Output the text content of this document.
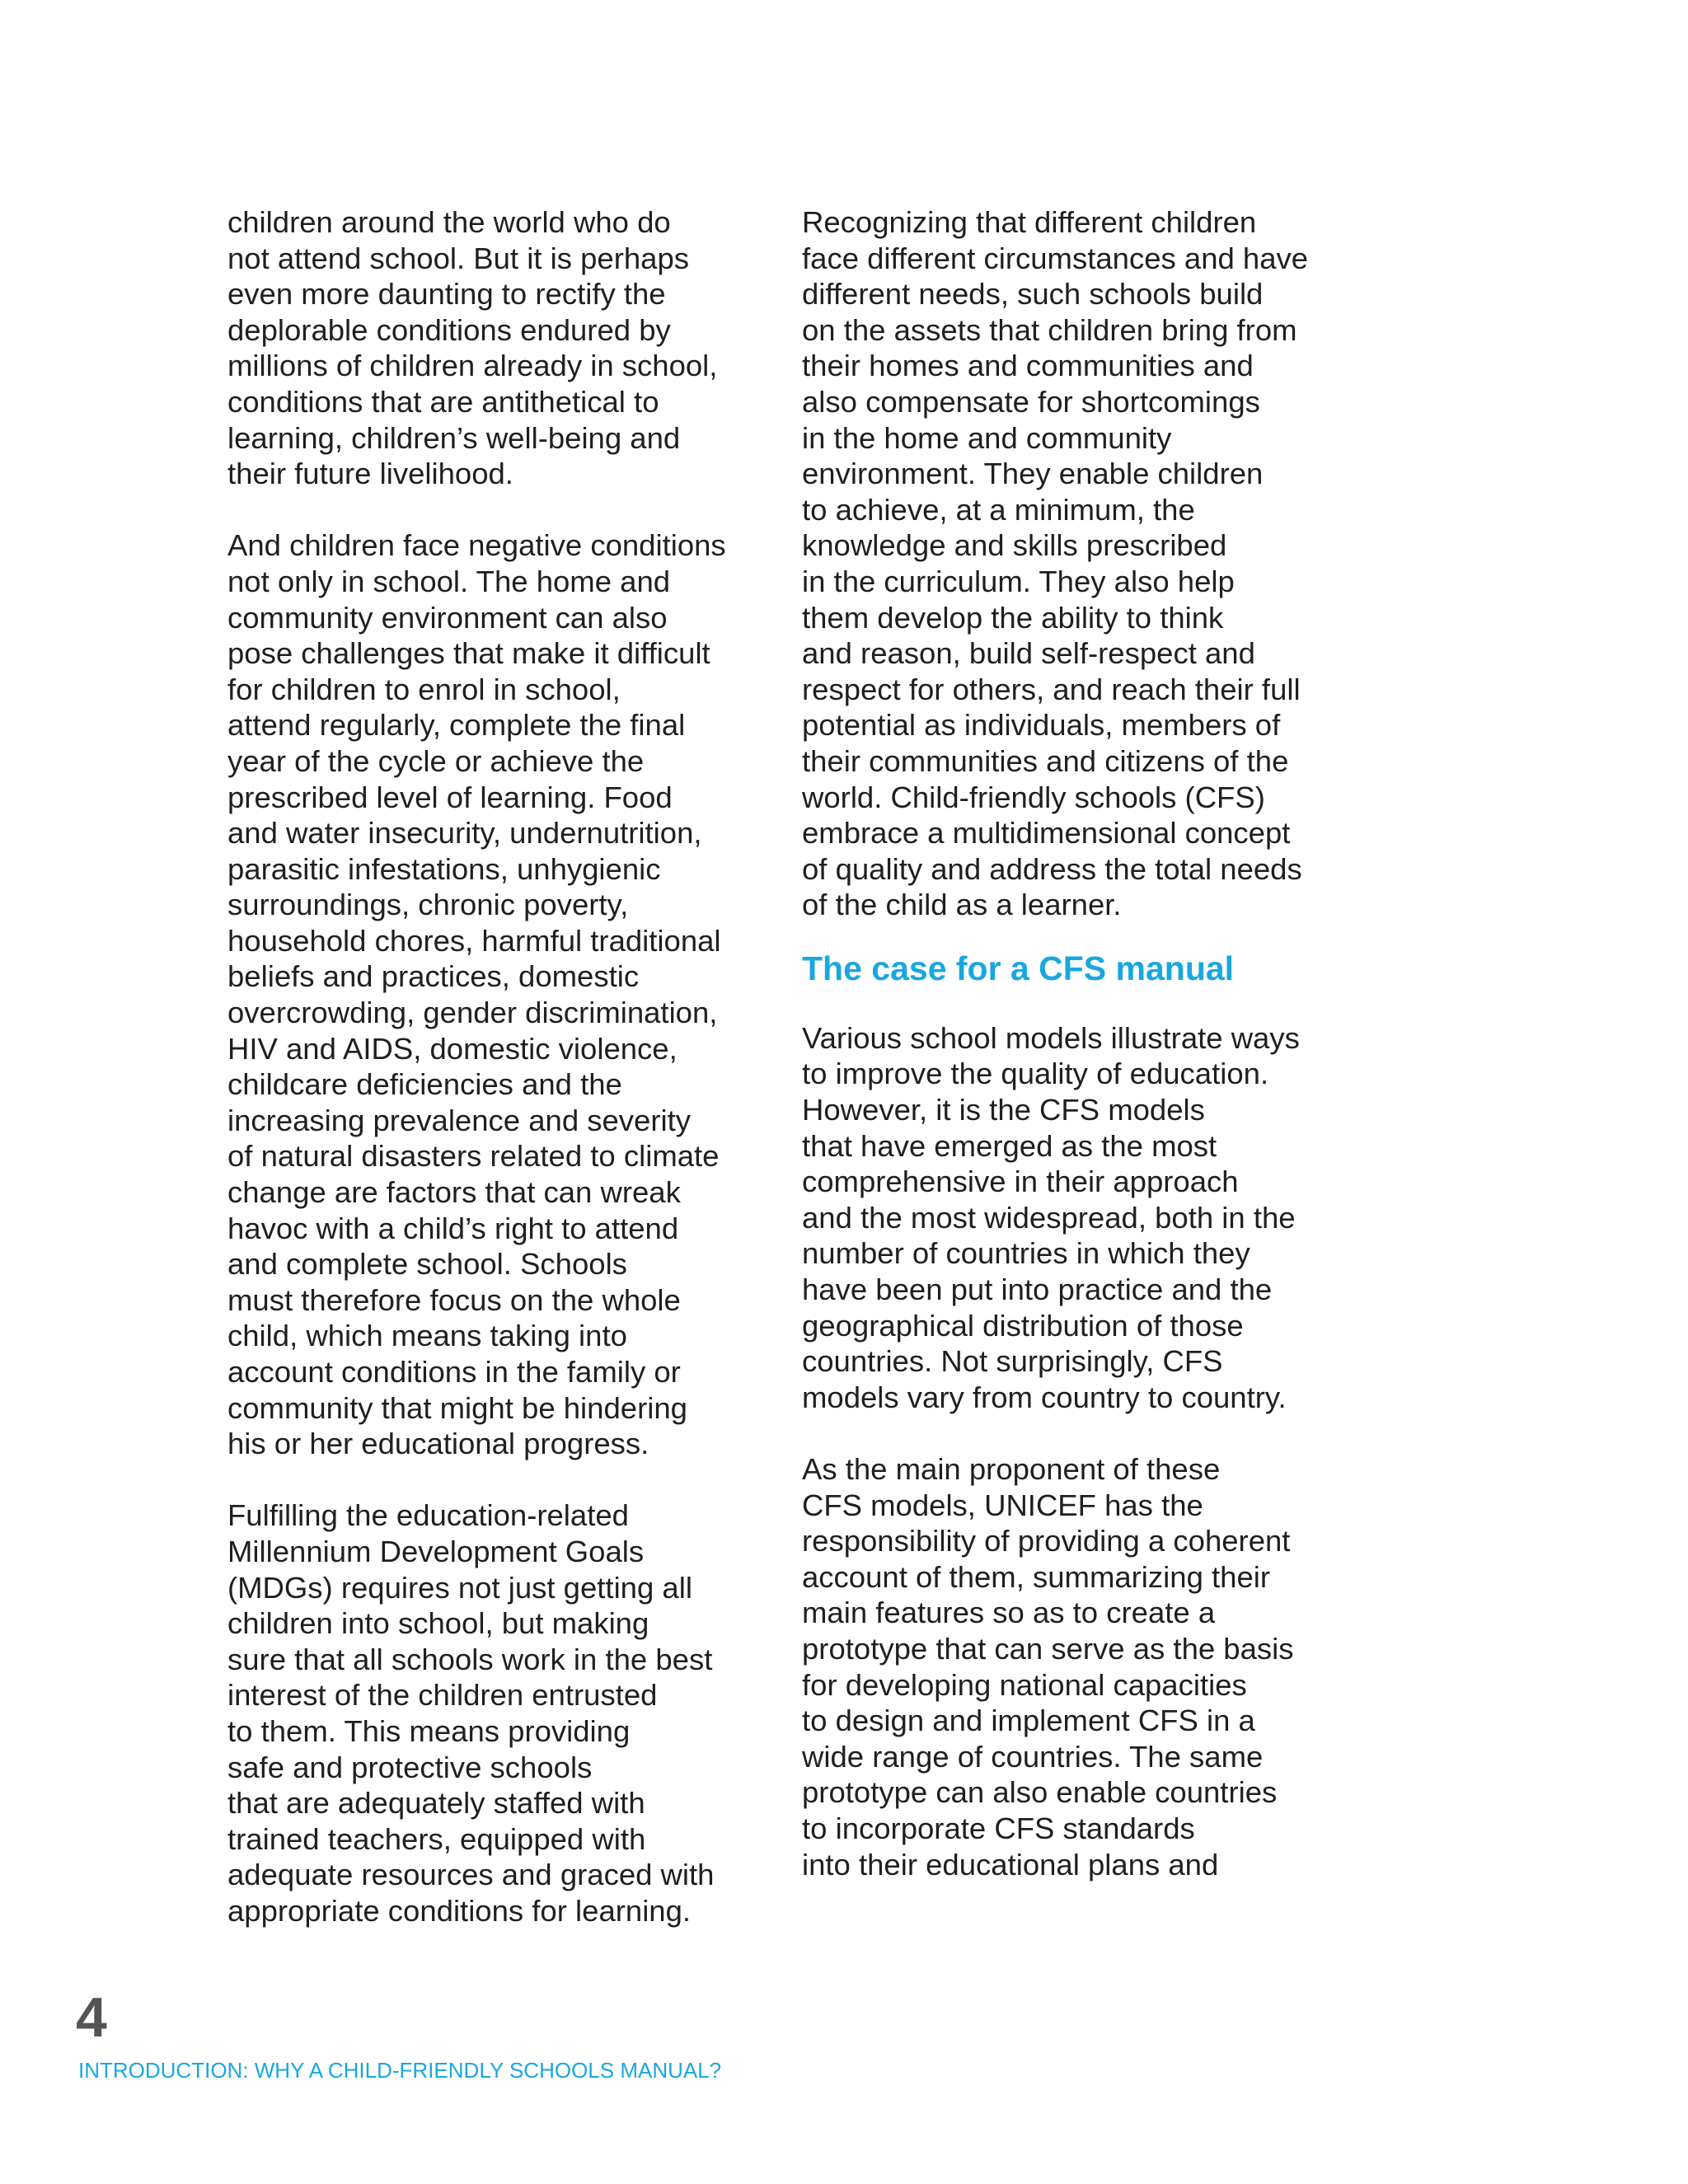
children around the world who do
not attend school. But it is perhaps
even more daunting to rectify the
deplorable conditions endured by
millions of children already in school,
conditions that are antithetical to
learning, children’s well-being and
their future livelihood.
And children face negative conditions
not only in school. The home and
community environment can also
pose challenges that make it difficult
for children to enrol in school,
attend regularly, complete the final
year of the cycle or achieve the
prescribed level of learning. Food
and water insecurity, undernutrition,
parasitic infestations, unhygienic
surroundings, chronic poverty,
household chores, harmful traditional
beliefs and practices, domestic
overcrowding, gender discrimination,
HIV and AIDS, domestic violence,
childcare deficiencies and the
increasing prevalence and severity
of natural disasters related to climate
change are factors that can wreak
havoc with a child’s right to attend
and complete school. Schools
must therefore focus on the whole
child, which means taking into
account conditions in the family or
community that might be hindering
his or her educational progress.
Fulfilling the education-related
Millennium Development Goals
(MDGs) requires not just getting all
children into school, but making
sure that all schools work in the best
interest of the children entrusted
to them. This means providing
safe and protective schools
that are adequately staffed with
trained teachers, equipped with
adequate resources and graced with
appropriate conditions for learning.
Recognizing that different children
face different circumstances and have
different needs, such schools build
on the assets that children bring from
their homes and communities and
also compensate for shortcomings
in the home and community
environment. They enable children
to achieve, at a minimum, the
knowledge and skills prescribed
in the curriculum. They also help
them develop the ability to think
and reason, build self-respect and
respect for others, and reach their full
potential as individuals, members of
their communities and citizens of the
world. Child-friendly schools (CFS)
embrace a multidimensional concept
of quality and address the total needs
of the child as a learner.
The case for a CFS manual
Various school models illustrate ways
to improve the quality of education.
However, it is the CFS models
that have emerged as the most
comprehensive in their approach
and the most widespread, both in the
number of countries in which they
have been put into practice and the
geographical distribution of those
countries. Not surprisingly, CFS
models vary from country to country.
As the main proponent of these
CFS models, UNICEF has the
responsibility of providing a coherent
account of them, summarizing their
main features so as to create a
prototype that can serve as the basis
for developing national capacities
to design and implement CFS in a
wide range of countries. The same
prototype can also enable countries
to incorporate CFS standards
into their educational plans and
4
INTRODUCTION: WHY A CHILD-FRIENDLY SCHOOLS MANUAL?
